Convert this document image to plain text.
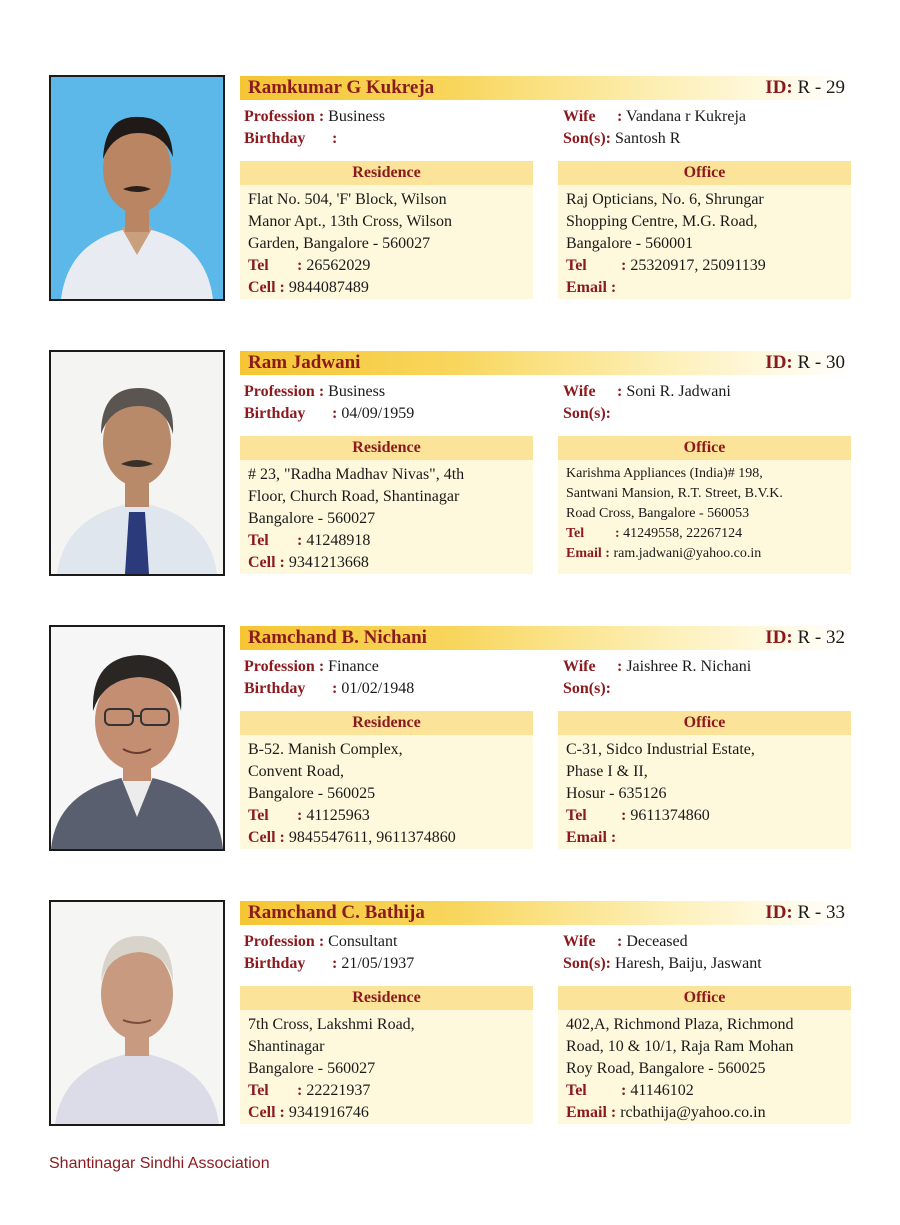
Ramkumar G Kukreja	ID: R - 29
Profession : Business
Birthday :
Wife : Vandana r Kukreja
Son(s): Santosh R
Residence
Flat No. 504, 'F' Block, Wilson
Manor Apt., 13th Cross, Wilson
Garden, Bangalore - 560027
Tel : 26562029
Cell : 9844087489
Office
Raj Opticians, No. 6, Shrungar
Shopping Centre, M.G. Road,
Bangalore - 560001
Tel : 25320917, 25091139
Email :
Ram Jadwani	ID: R - 30
Profession : Business
Birthday : 04/09/1959
Wife : Soni R. Jadwani
Son(s):
Residence
# 23, "Radha Madhav Nivas", 4th
Floor, Church Road, Shantinagar
Bangalore - 560027
Tel : 41248918
Cell : 9341213668
Office
Karishma Appliances (India)# 198,
Santwani Mansion, R.T. Street, B.V.K.
Road Cross, Bangalore - 560053
Tel : 41249558, 22267124
Email : ram.jadwani@yahoo.co.in
Ramchand B. Nichani	ID: R - 32
Profession : Finance
Birthday : 01/02/1948
Wife : Jaishree R. Nichani
Son(s):
Residence
B-52. Manish Complex,
Convent Road,
Bangalore - 560025
Tel : 41125963
Cell : 9845547611, 9611374860
Office
C-31, Sidco Industrial Estate,
Phase I & II,
Hosur - 635126
Tel : 9611374860
Email :
Ramchand C. Bathija	ID: R - 33
Profession : Consultant
Birthday : 21/05/1937
Wife : Deceased
Son(s): Haresh, Baiju, Jaswant
Residence
7th Cross, Lakshmi Road,
Shantinagar
Bangalore - 560027
Tel : 22221937
Cell : 9341916746
Office
402,A, Richmond Plaza, Richmond
Road, 10 & 10/1, Raja Ram Mohan
Roy Road, Bangalore - 560025
Tel : 41146102
Email : rcbathija@yahoo.co.in
Shantinagar Sindhi Association
